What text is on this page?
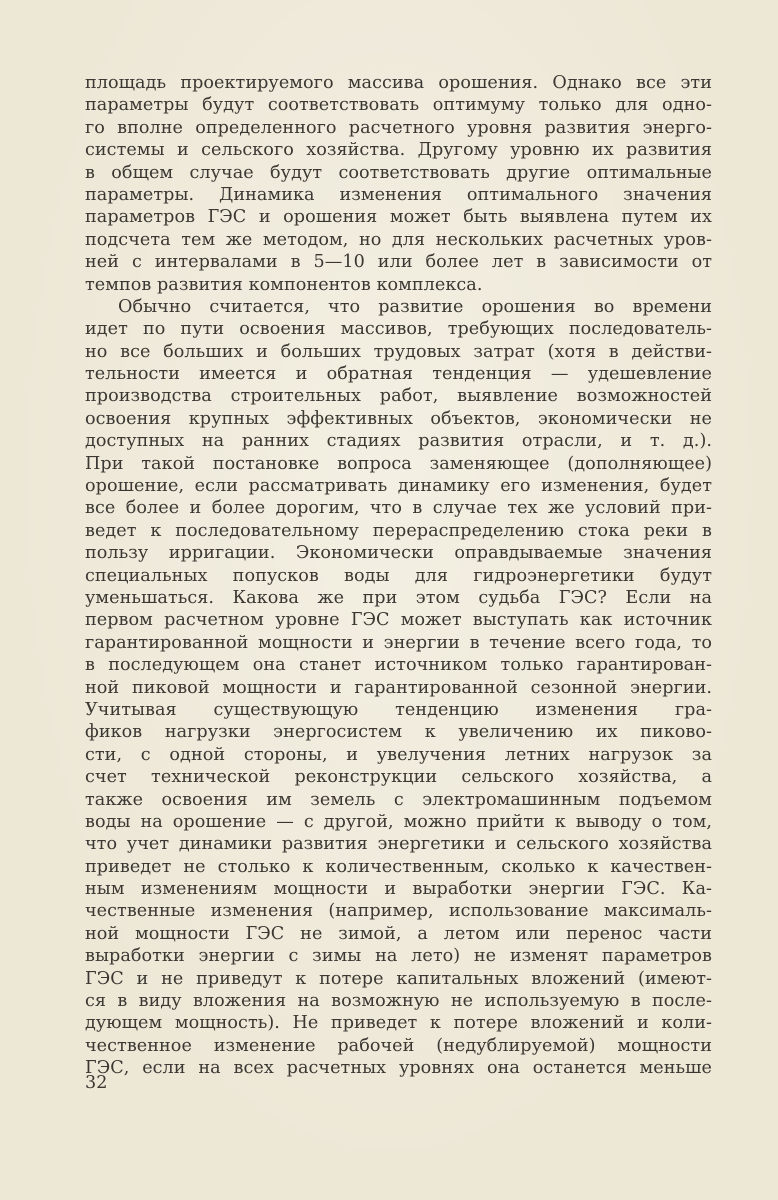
площадь проектируемого массива орошения. Однако все эти
параметры будут соответствовать оптимуму только для одно-
го вполне определенного расчетного уровня развития энерго-
системы и сельского хозяйства. Другому уровню их развития
в общем случае будут соответствовать другие оптимальные
параметры. Динамика изменения оптимального значения
параметров ГЭС и орошения может быть выявлена путем их
подсчета тем же методом, но для нескольких расчетных уров-
ней с интервалами в 5—10 или более лет в зависимости от
темпов развития компонентов комплекса.
Обычно считается, что развитие орошения во времени
идет по пути освоения массивов, требующих последователь-
но все больших и больших трудовых затрат (хотя в действи-
тельности имеется и обратная тенденция — удешевление
производства строительных работ, выявление возможностей
освоения крупных эффективных объектов, экономически не
доступных на ранних стадиях развития отрасли, и т. д.).
При такой постановке вопроса заменяющее (дополняющее)
орошение, если рассматривать динамику его изменения, будет
все более и более дорогим, что в случае тех же условий при-
ведет к последовательному перераспределению стока реки в
пользу ирригации. Экономически оправдываемые значения
специальных попусков воды для гидроэнергетики будут
уменьшаться. Какова же при этом судьба ГЭС? Если на
первом расчетном уровне ГЭС может выступать как источник
гарантированной мощности и энергии в течение всего года, то
в последующем она станет источником только гарантирован-
ной пиковой мощности и гарантированной сезонной энергии.
Учитывая существующую тенденцию изменения гра-
фиков нагрузки энергосистем к увеличению их пиково-
сти, с одной стороны, и увелучения летних нагрузок за
счет технической реконструкции сельского хозяйства, а
также освоения им земель с электромашинным подъемом
воды на орошение — с другой, можно прийти к выводу о том,
что учет динамики развития энергетики и сельского хозяйства
приведет не столько к количественным, сколько к качествен-
ным изменениям мощности и выработки энергии ГЭС. Ка-
чественные изменения (например, использование максималь-
ной мощности ГЭС не зимой, а летом или перенос части
выработки энергии с зимы на лето) не изменят параметров
ГЭС и не приведут к потере капитальных вложений (имеют-
ся в виду вложения на возможную не используемую в после-
дующем мощность). Не приведет к потере вложений и коли-
чественное изменение рабочей (недублируемой) мощности
ГЭС, если на всех расчетных уровнях она останется меньше
32
